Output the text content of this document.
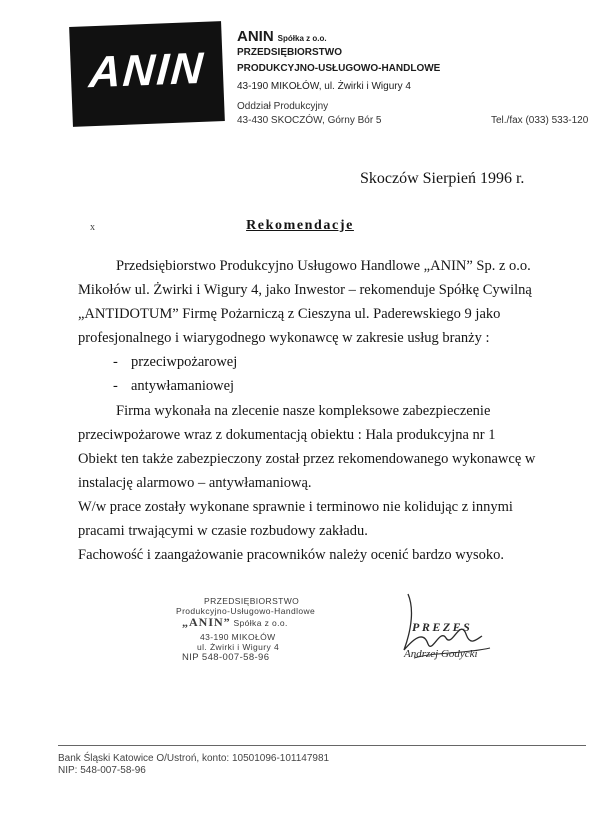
ANIN
ANIN Spółka z o.o.
PRZEDSIĘBIORSTWO
PRODUKCYJNO-USŁUGOWO-HANDLOWE
43-190 MIKOŁÓW, ul. Żwirki i Wigury 4
Oddział Produkcyjny
43-430 SKOCZÓW, Górny Bór 5	Tel./fax (033) 533-120
Skoczów Sierpień 1996 r.
x	Rekomendacje
Przedsiębiorstwo Produkcyjno Usługowo Handlowe „ANIN” Sp. z o.o.
Mikołów ul. Żwirki i Wigury 4, jako Inwestor – rekomenduje Spółkę Cywilną
„ANTIDOTUM” Firmę Pożarniczą z Cieszyna ul. Paderewskiego 9 jako
profesjonalnego i wiarygodnego wykonawcę w zakresie usług branży :
- przeciwpożarowej
- antywłamaniowej
Firma wykonała na zlecenie nasze kompleksowe zabezpieczenie
przeciwpożarowe wraz z dokumentacją obiektu : Hala produkcyjna nr 1
Obiekt ten także zabezpieczony został przez rekomendowanego wykonawcę w
instalację alarmowo – antywłamaniową.
W/w prace zostały wykonane sprawnie i terminowo nie kolidując z innymi
pracami trwającymi w czasie rozbudowy zakładu.
Fachowość i zaangażowanie pracowników należy ocenić bardzo wysoko.
PRZEDSIĘBIORSTWO
Produkcyjno-Usługowo-Handlowe
„ANIN” Spółka z o.o.
43-190 MIKOŁÓW
ul. Żwirki i Wigury 4
NIP 548-007-58-96
PREZES
Andrzej Godycki
Bank Śląski Katowice O/Ustroń, konto: 10501096-101147981
NIP: 548-007-58-96
